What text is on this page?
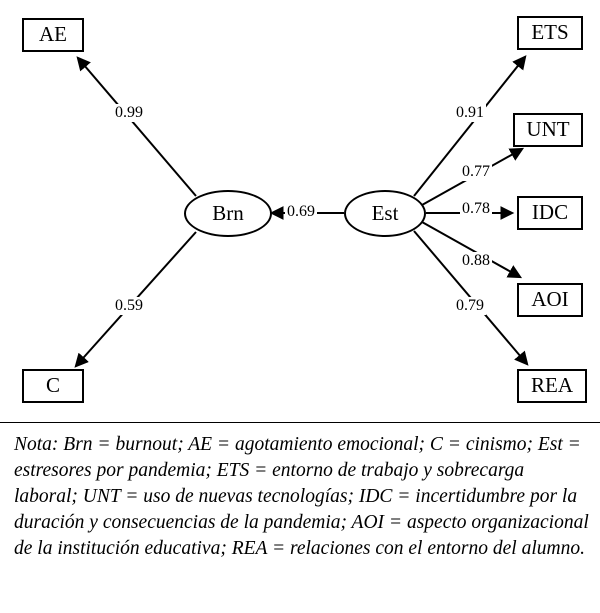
AE	ETS
UNT
IDC
AOI
REA
C
Brn	Est
0.99
0.59
0.69
0.91
0.77
0.78
0.88
0.79
Nota: Brn = burnout; AE = agotamiento emocional; C = cinismo; Est = estresores por pandemia; ETS = entorno de trabajo y sobrecarga laboral; UNT = uso de nuevas tecnologías; IDC = incertidumbre por la duración y consecuencias de la pandemia; AOI = aspecto organizacional de la institución educativa; REA = relaciones con el entorno del alumno.
